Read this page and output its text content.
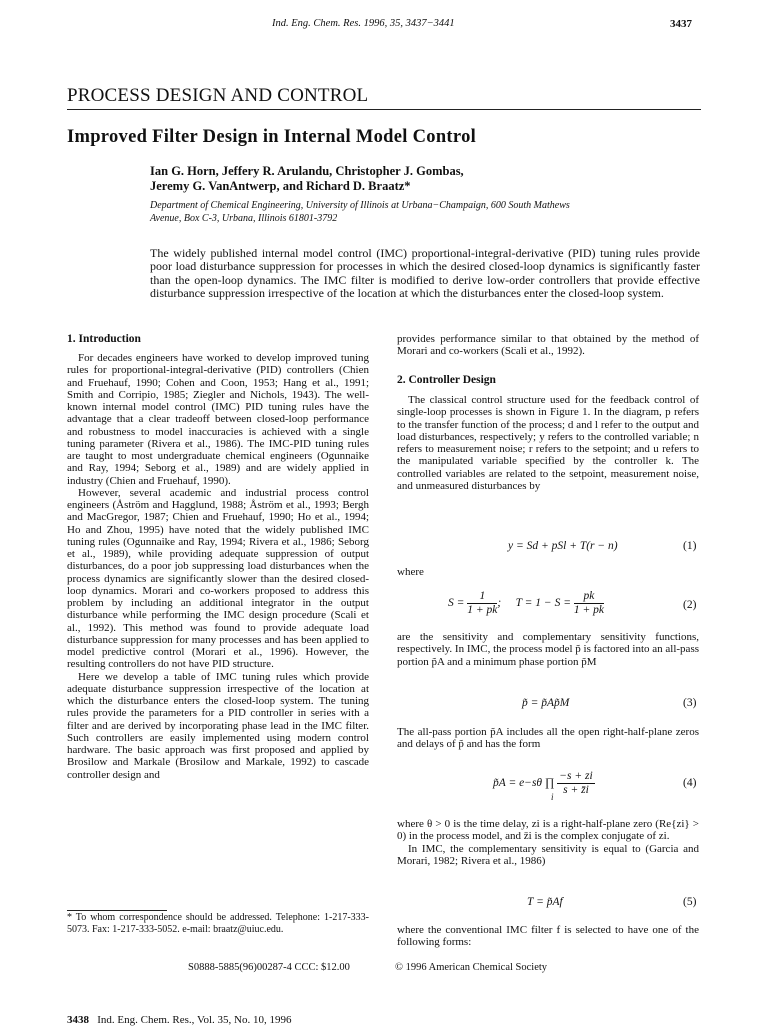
Ind. Eng. Chem. Res. 1996, 35, 3437−3441	3437
PROCESS DESIGN AND CONTROL
Improved Filter Design in Internal Model Control
Ian G. Horn, Jeffery R. Arulandu, Christopher J. Gombas,
Jeremy G. VanAntwerp, and Richard D. Braatz*
Department of Chemical Engineering, University of Illinois at Urbana−Champaign, 600 South Mathews
Avenue, Box C-3, Urbana, Illinois 61801-3792
The widely published internal model control (IMC) proportional-integral-derivative (PID) tuning rules provide poor load disturbance suppression for processes in which the desired closed-loop dynamics is significantly faster than the open-loop dynamics. The IMC filter is modified to derive low-order controllers that provide effective disturbance suppression irrespective of the location at which the disturbances enter the closed-loop system.
1. Introduction

For decades engineers have worked to develop improved tuning rules for proportional-integral-derivative (PID) controllers (Chien and Fruehauf, 1990; Cohen and Coon, 1953; Hang et al., 1991; Smith and Corripio, 1985; Ziegler and Nichols, 1943). The well-known internal model control (IMC) PID tuning rules have the advantage that a clear tradeoff between closed-loop performance and robustness to model inaccuracies is achieved with a single tuning parameter (Rivera et al., 1986). The IMC-PID tuning rules are taught to most undergraduate chemical engineers (Ogunnaike and Ray, 1994; Seborg et al., 1989) and are widely applied in industry (Chien and Fruehauf, 1990).

However, several academic and industrial process control engineers (Åström and Hagglund, 1988; Åström et al., 1993; Bergh and MacGregor, 1987; Chien and Fruehauf, 1990; Ho et al., 1994; Ho and Zhou, 1995) have noted that the widely published IMC tuning rules (Ogunnaike and Ray, 1994; Rivera et al., 1986; Seborg et al., 1989), while providing adequate suppression of output disturbances, do a poor job suppressing load disturbances when the process dynamics are significantly slower than the desired closed-loop dynamics. Morari and co-workers proposed to address this problem by including an additional integrator in the output disturbance while performing the IMC design procedure (Scali et al., 1992). This method was found to provide adequate load disturbance suppression for many processes and has been applied to model predictive control (Morari et al., 1996). However, the resulting controllers do not have PID structure.

Here we develop a table of IMC tuning rules which provide adequate disturbance suppression irrespective of the location at which the disturbance enters the closed-loop system. The tuning rules provide the parameters for a PID controller in series with a filter and are derived by incorporating phase lead in the IMC filter. Such controllers are easily implemented using modern control hardware. The basic approach was first proposed and applied by Brosilow and Markale (Brosilow and Markale, 1992) to cascade controller design and

* To whom correspondence should be addressed. Telephone: 1-217-333-5073. Fax: 1-217-333-5052. e-mail: braatz@uiuc.edu.

provides performance similar to that obtained by the method of Morari and co-workers (Scali et al., 1992).

2. Controller Design

The classical control structure used for the feedback control of single-loop processes is shown in Figure 1. In the diagram, p refers to the transfer function of the process; d and l refer to the output and load disturbances, respectively; y refers to the controlled variable; n refers to measurement noise; r refers to the setpoint; and u refers to the manipulated variable specified by the controller k. The controlled variables are related to the setpoint, measurement noise, and unmeasured disturbances by

y = Sd + pSl + T(r − n)	(1)

where

$S = \frac{1}{1 + pk}$ ;     $T = 1 - S = \frac{pk}{1 + pk}$	(2)

are the sensitivity and complementary sensitivity functions, respectively. In IMC, the process model p̃ is factored into an all-pass portion p̃A and a minimum phase portion p̃M

p̃ = p̃Ap̃M	(3)

The all-pass portion p̃A includes all the open right-half-plane zeros and delays of p̃ and has the form

p̃A = e−sθ ∏ $\frac{-s + zi}{s + z̄i}$
i
(4)

where θ > 0 is the time delay, zi is a right-half-plane zero (Re{zi} > 0) in the process model, and z̄i is the complex conjugate of zi.

In IMC, the complementary sensitivity is equal to (Garcia and Morari, 1982; Rivera et al., 1986)

T = p̃Af	(5)

where the conventional IMC filter f is selected to have one of the following forms:

S0888-5885(96)00287-4 CCC: $12.00	© 1996 American Chemical Society
3438 Ind. Eng. Chem. Res., Vol. 35, No. 10, 1996
